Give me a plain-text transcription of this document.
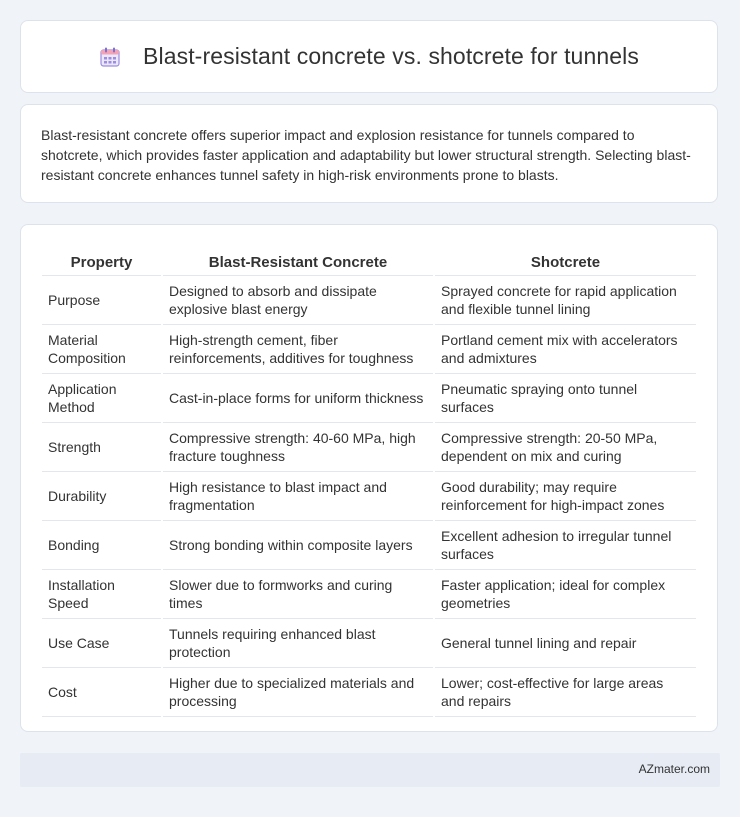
Blast-resistant concrete vs. shotcrete for tunnels
Blast-resistant concrete offers superior impact and explosion resistance for tunnels compared to shotcrete, which provides faster application and adaptability but lower structural strength. Selecting blast-resistant concrete enhances tunnel safety in high-risk environments prone to blasts.
Property	Blast-Resistant Concrete	Shotcrete
Purpose	Designed to absorb and dissipate explosive blast energy	Sprayed concrete for rapid application and flexible tunnel lining
Material Composition	High-strength cement, fiber reinforcements, additives for toughness	Portland cement mix with accelerators and admixtures
Application Method	Cast-in-place forms for uniform thickness	Pneumatic spraying onto tunnel surfaces
Strength	Compressive strength: 40-60 MPa, high fracture toughness	Compressive strength: 20-50 MPa, dependent on mix and curing
Durability	High resistance to blast impact and fragmentation	Good durability; may require reinforcement for high-impact zones
Bonding	Strong bonding within composite layers	Excellent adhesion to irregular tunnel surfaces
Installation Speed	Slower due to formworks and curing times	Faster application; ideal for complex geometries
Use Case	Tunnels requiring enhanced blast protection	General tunnel lining and repair
Cost	Higher due to specialized materials and processing	Lower; cost-effective for large areas and repairs
AZmater.com
